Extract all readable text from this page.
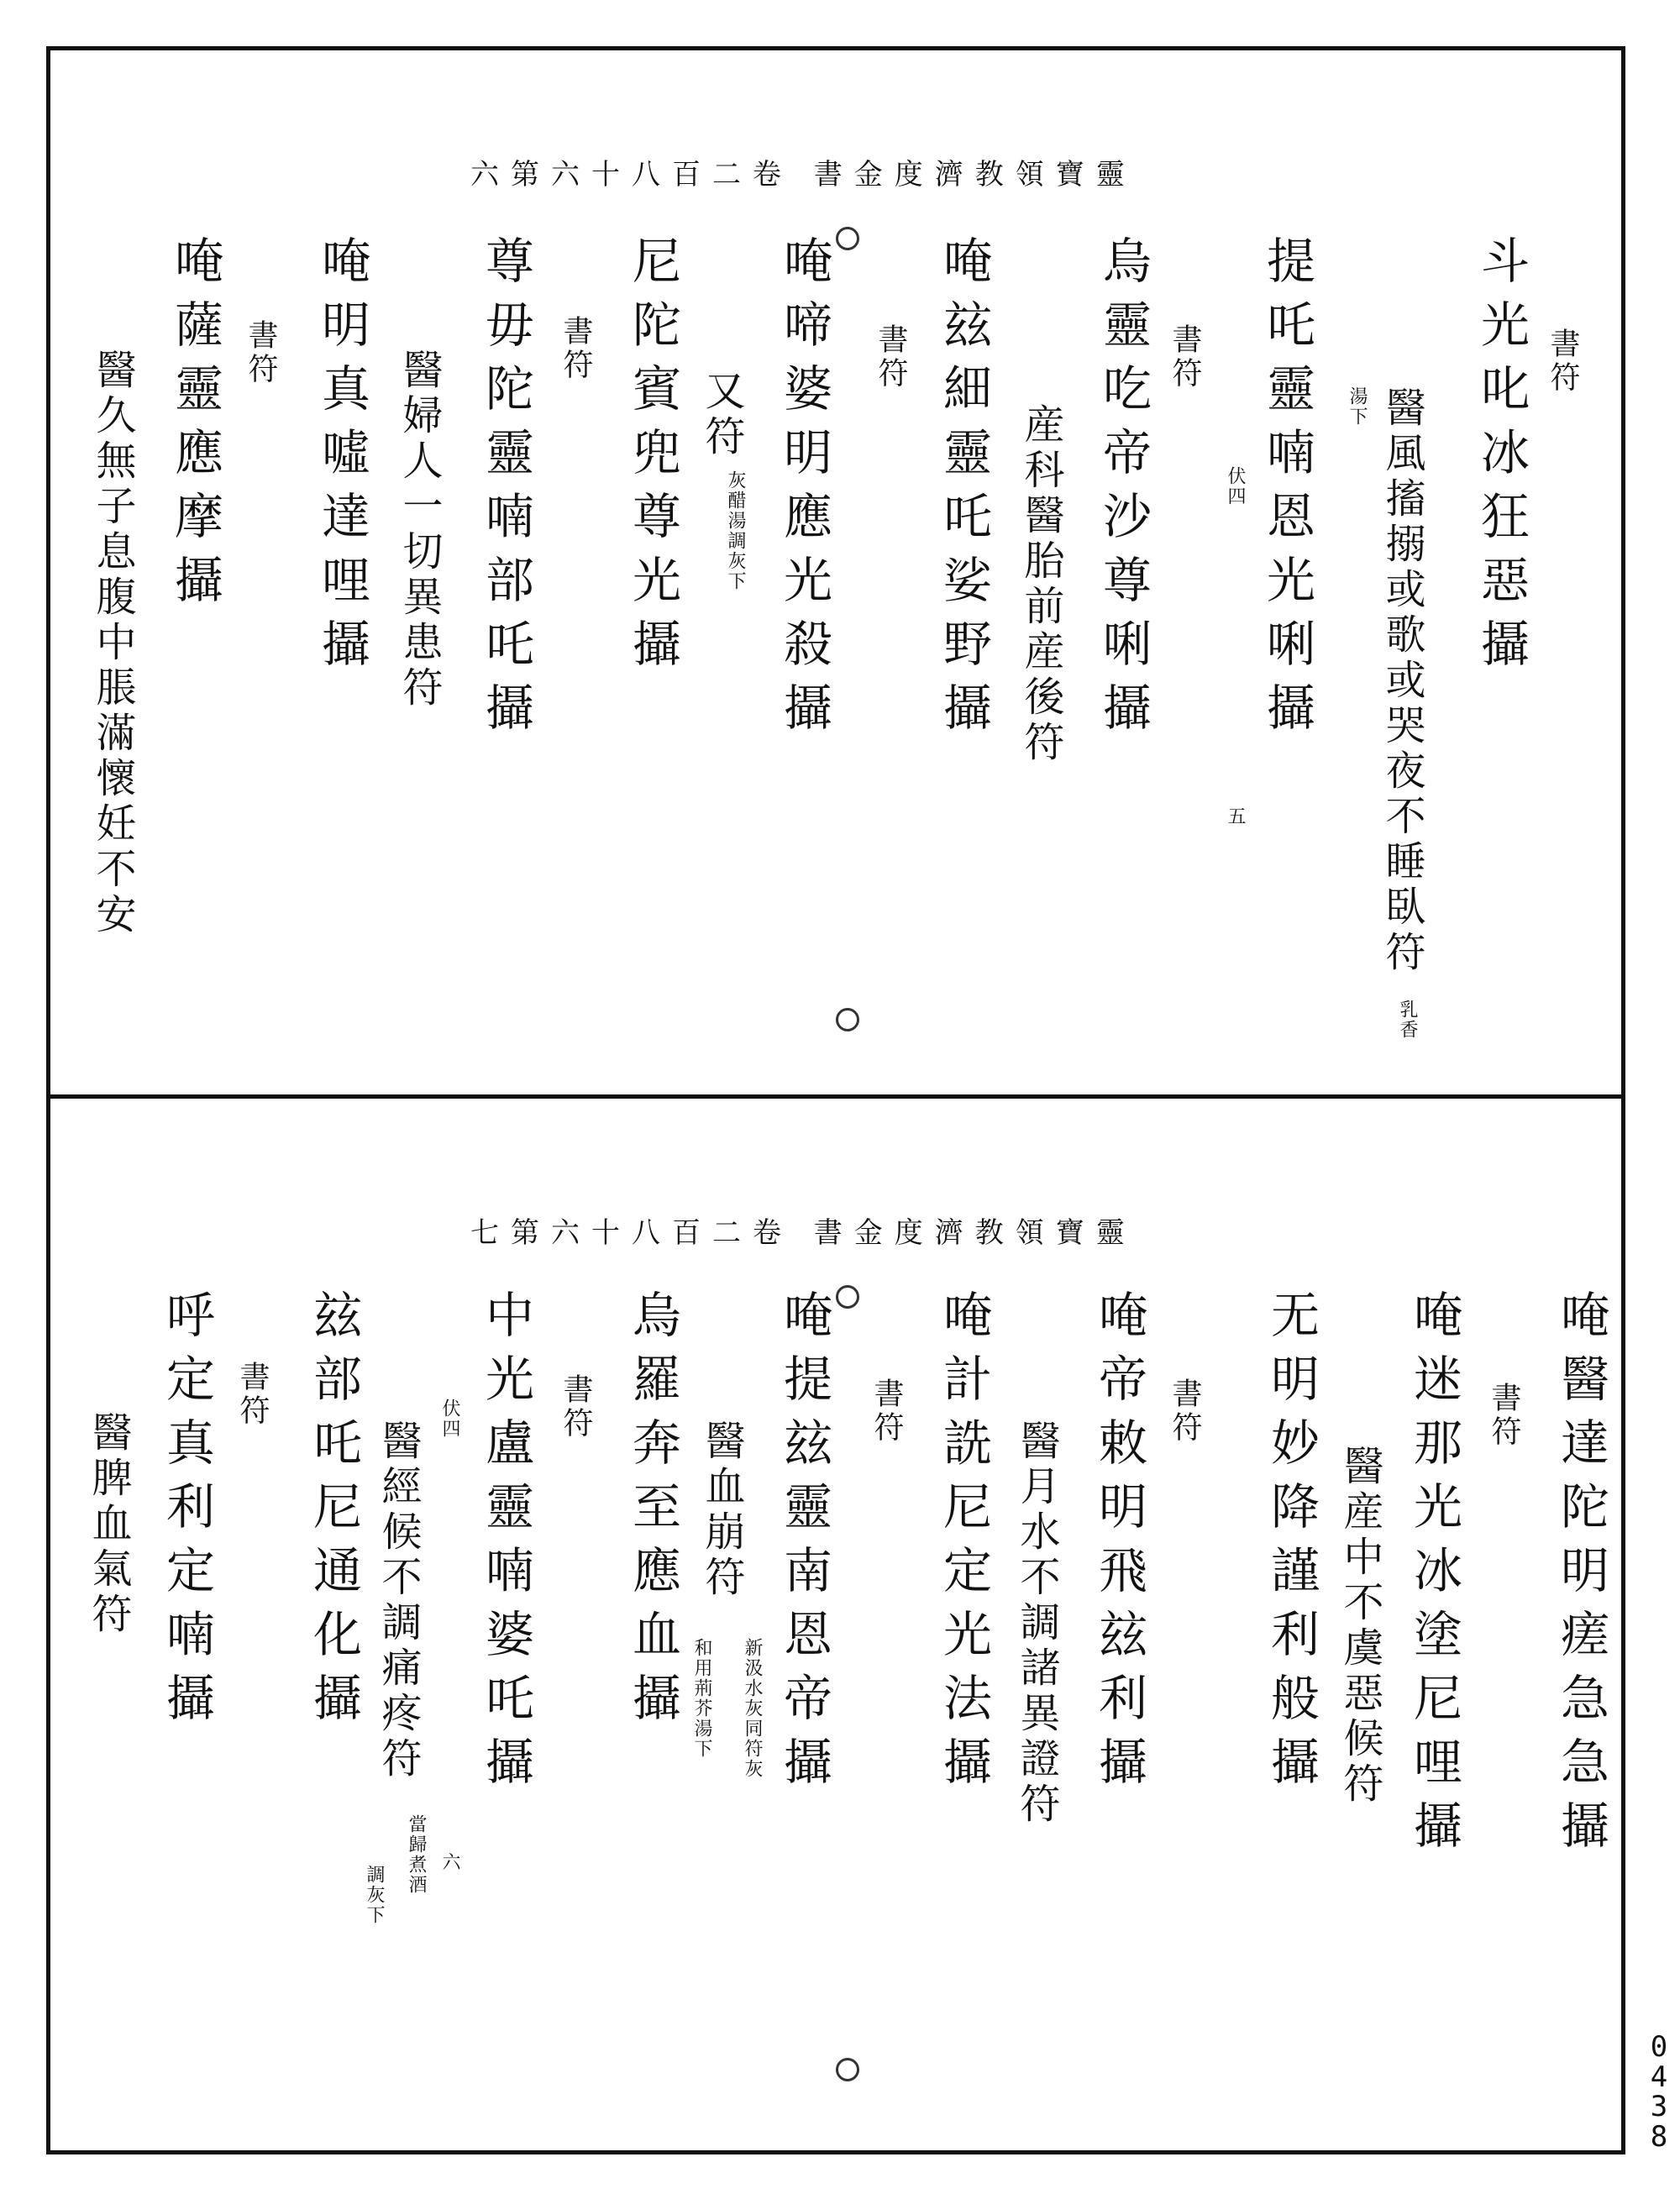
0438
六第六十八百二卷 書金度濟教領寶靈
書符
斗光叱冰狂惡攝
醫風搐搦或歌或哭夜不睡臥符
乳香
湯下
提吒靈喃恩光唎攝
伏四
五
書符
烏靈吃帝沙尊唎攝
産科醫胎前産後符
唵玆細靈吒娑野攝
書符
唵啼婆明應光殺攝
又符
灰醋湯調灰下
尼陀賓兜尊光攝
尊毋陀靈喃部吒攝 書符
醫婦人一切異患符
唵明真噓達哩攝
書符
唵薩靈應摩攝
醫久無子息腹中脹滿懷妊不安
七第六十八百二卷 書金度濟教領寶靈
唵醫達陀明瘥急急攝
書符
唵迷那光冰塗尼哩攝
醫産中不虞惡候符
无明妙降謹利般攝
書符
唵帝敕明飛玆利攝
醫月水不調諸異證符
唵計詵尼定光法攝
書符
唵提玆靈南恩帝攝
醫血崩符
新汲水灰同符灰
和用荊芥湯下
烏羅奔至應血攝
書符
中光盧靈喃婆吒攝
醫經候不調痛疼符
當歸煮酒
調灰下
伏四
六
玆部吒尼通化攝
書符
呼定真利定喃攝
醫脾血氣符
